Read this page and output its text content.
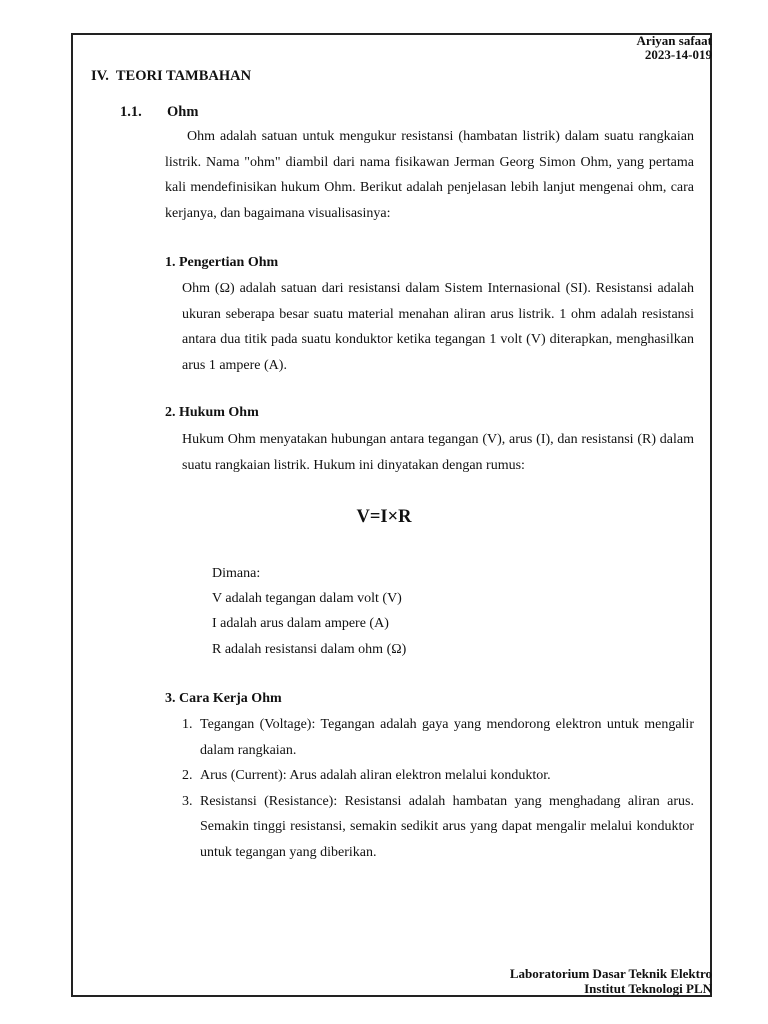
Ariyan safaat
2023-14-019
IV. TEORI TAMBAHAN
1.1. Ohm

Ohm adalah satuan untuk mengukur resistansi (hambatan listrik) dalam suatu rangkaian listrik. Nama "ohm" diambil dari nama fisikawan Jerman Georg Simon Ohm, yang pertama kali mendefinisikan hukum Ohm. Berikut adalah penjelasan lebih lanjut mengenai ohm, cara kerjanya, dan bagaimana visualisasinya:

1. Pengertian Ohm

Ohm (Ω) adalah satuan dari resistansi dalam Sistem Internasional (SI). Resistansi adalah ukuran seberapa besar suatu material menahan aliran arus listrik. 1 ohm adalah resistansi antara dua titik pada suatu konduktor ketika tegangan 1 volt (V) diterapkan, menghasilkan arus 1 ampere (A).

2. Hukum Ohm

Hukum Ohm menyatakan hubungan antara tegangan (V), arus (I), dan resistansi (R) dalam suatu rangkaian listrik. Hukum ini dinyatakan dengan rumus:

V=I×R
Dimana:
V adalah tegangan dalam volt (V)
I adalah arus dalam ampere (A)
R adalah resistansi dalam ohm (Ω)
3. Cara Kerja Ohm
1. Tegangan (Voltage): Tegangan adalah gaya yang mendorong elektron untuk mengalir dalam rangkaian.
2. Arus (Current): Arus adalah aliran elektron melalui konduktor.
3. Resistansi (Resistance): Resistansi adalah hambatan yang menghadang aliran arus. Semakin tinggi resistansi, semakin sedikit arus yang dapat mengalir melalui konduktor untuk tegangan yang diberikan.
Laboratorium Dasar Teknik Elektro
Institut Teknologi PLN
